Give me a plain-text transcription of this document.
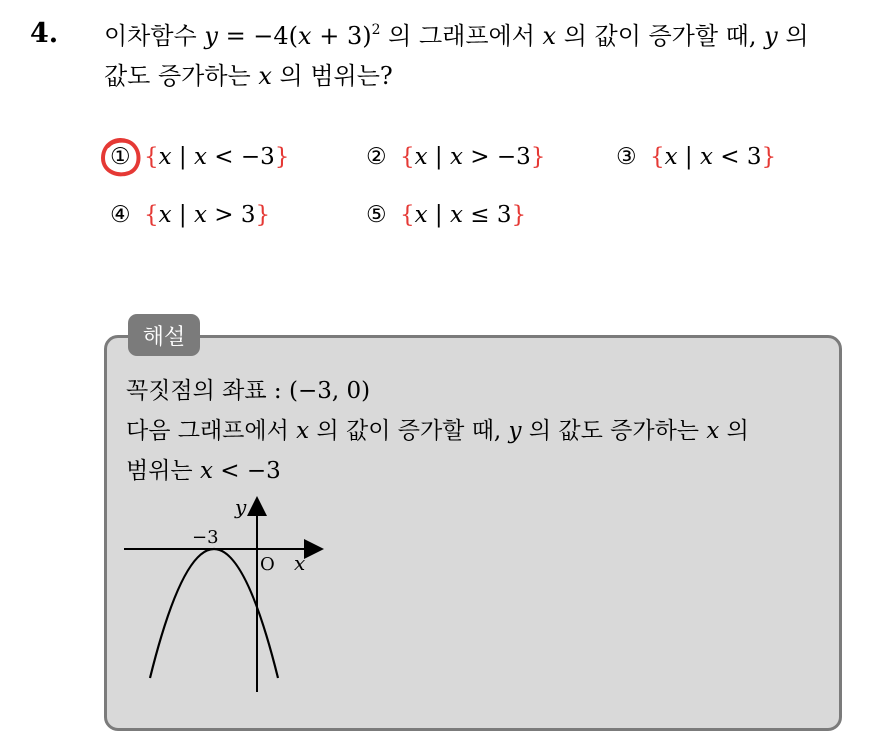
4. 이차함수 $y = -4(x + 3)^2$ 의 그래프에서 x 의 값이 증가할 때, y 의
값도 증가하는 x 의 범위는?
① {x | x < −3}	② {x | x > −3}	③ {x | x < 3}
④ {x | x > 3}	⑤ {x | x ≤ 3}
해설
꼭짓점의 좌표 : (−3, 0)
다음 그래프에서 x 의 값이 증가할 때, y 의 값도 증가하는 x 의
범위는 x < −3
y
x
O
−3
